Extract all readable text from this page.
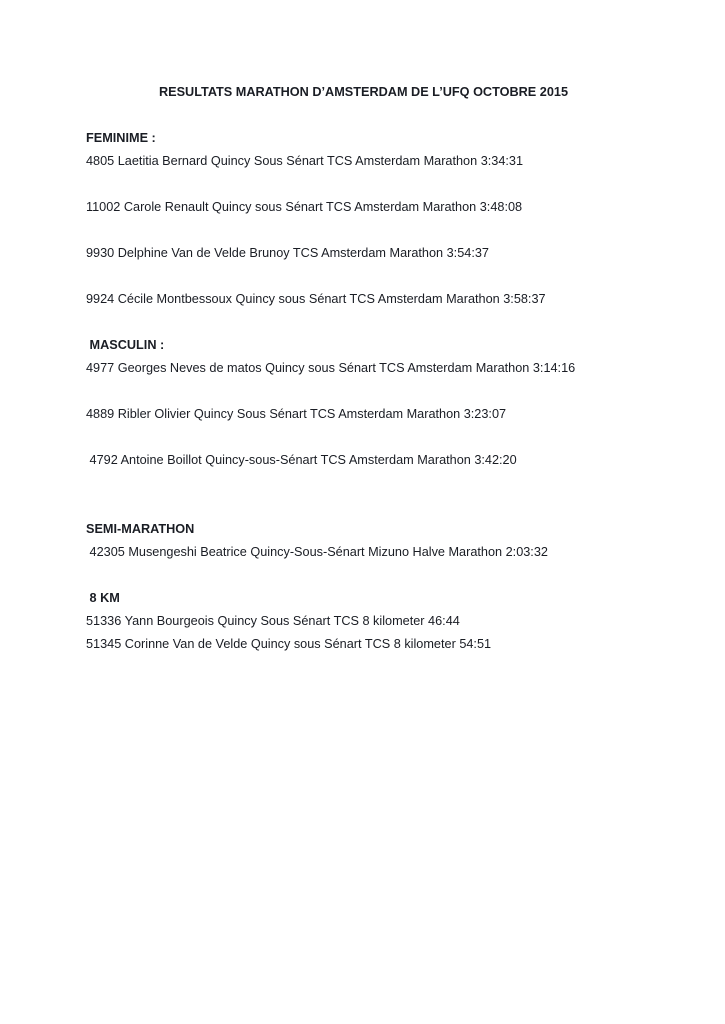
RESULTATS MARATHON D’AMSTERDAM DE L’UFQ OCTOBRE 2015

FEMINIME :

4805 Laetitia Bernard Quincy Sous Sénart TCS Amsterdam Marathon 3:34:31

11002 Carole Renault Quincy sous Sénart TCS Amsterdam Marathon 3:48:08

9930 Delphine Van de Velde Brunoy TCS Amsterdam Marathon 3:54:37

9924 Cécile Montbessoux Quincy sous Sénart TCS Amsterdam Marathon 3:58:37

MASCULIN :

4977 Georges Neves de matos Quincy sous Sénart TCS Amsterdam Marathon 3:14:16

4889 Ribler Olivier Quincy Sous Sénart TCS Amsterdam Marathon 3:23:07

4792 Antoine Boillot Quincy-sous-Sénart TCS Amsterdam Marathon 3:42:20

SEMI-MARATHON

42305 Musengeshi Beatrice Quincy-Sous-Sénart Mizuno Halve Marathon 2:03:32

8 KM

51336 Yann Bourgeois Quincy Sous Sénart TCS 8 kilometer 46:44

51345 Corinne Van de Velde Quincy sous Sénart TCS 8 kilometer 54:51
